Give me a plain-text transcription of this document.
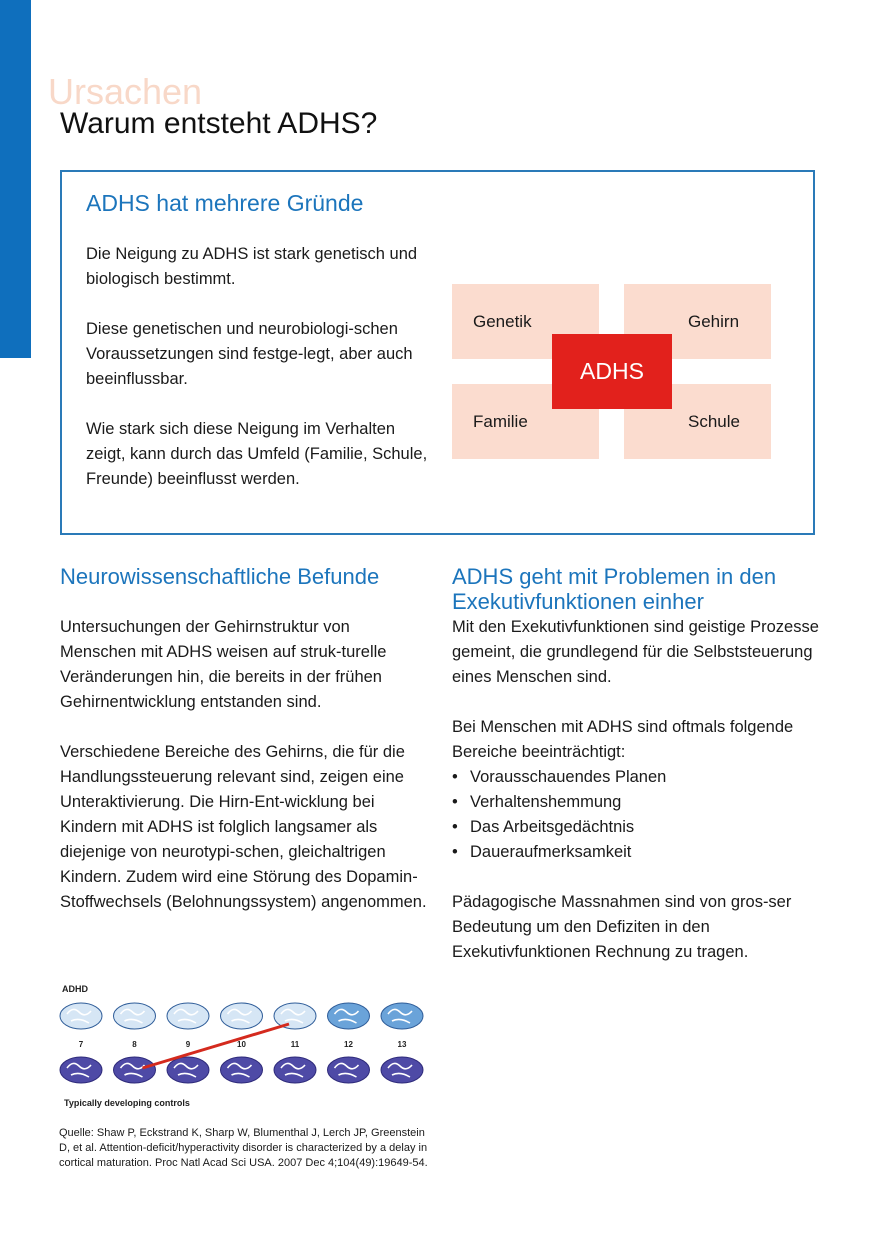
Ursachen
Warum entsteht ADHS?
ADHS hat mehrere Gründe

Die Neigung zu ADHS ist stark genetisch und biologisch bestimmt.

Diese genetischen und neurobiologi-schen Voraussetzungen sind festge-legt, aber auch beeinflussbar.

Wie stark sich diese Neigung im Verhalten zeigt, kann durch das Umfeld (Familie, Schule, Freunde) beeinflusst werden.

Genetik	Gehirn
Familie	Schule
ADHS
Neurowissenschaftliche Befunde

Untersuchungen der Gehirnstruktur von Menschen mit ADHS weisen auf struk-turelle Veränderungen hin, die bereits in der frühen Gehirnentwicklung entstanden sind.

Verschiedene Bereiche des Gehirns, die für die Handlungssteuerung relevant sind, zeigen eine Unteraktivierung. Die Hirn-Ent-wicklung bei Kindern mit ADHS ist folglich langsamer als diejenige von neurotypi-schen, gleichaltrigen Kindern. Zudem wird eine Störung des Dopamin-Stoffwechsels (Belohnungssystem) angenommen.

ADHD
7	8	9	10	11	12	13
Typically developing controls
Quelle: Shaw P, Eckstrand K, Sharp W, Blumenthal J, Lerch JP, Greenstein D, et al. Attention-deficit/hyperactivity disorder is characterized by a delay in cortical maturation. Proc Natl Acad Sci USA. 2007 Dec 4;104(49):19649-54.
ADHS geht mit Problemen in den Exekutivfunktionen einher

Mit den Exekutivfunktionen sind geistige Prozesse gemeint, die grundlegend für die Selbststeuerung eines Menschen sind.

Bei Menschen mit ADHS sind oftmals folgende Bereiche beeinträchtigt:

• Vorausschauendes Planen
• Verhaltenshemmung
• Das Arbeitsgedächtnis
• Daueraufmerksamkeit

Pädagogische Massnahmen sind von gros-ser Bedeutung um den Defiziten in den Exekutivfunktionen Rechnung zu tragen.
